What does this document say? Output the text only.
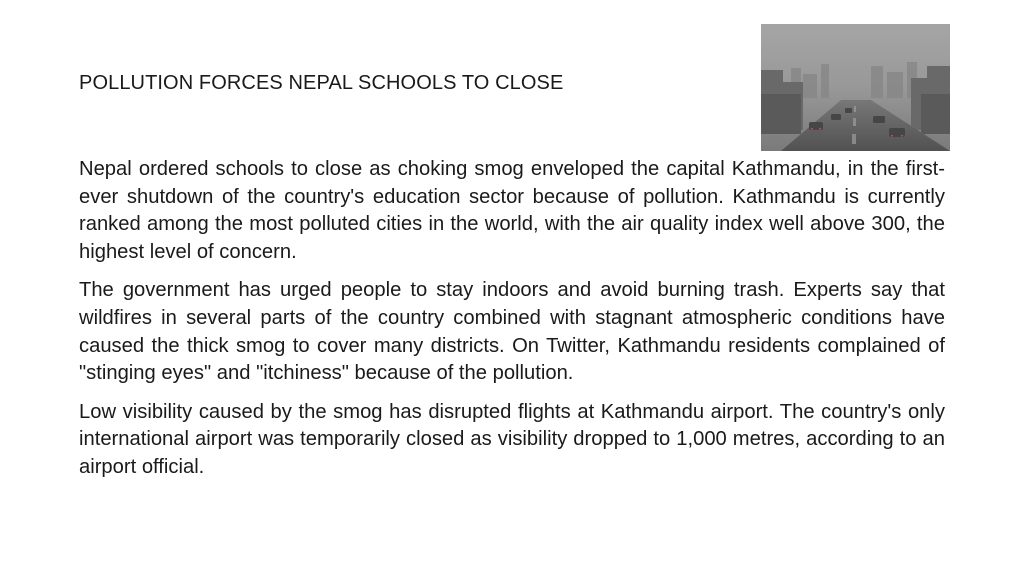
POLLUTION FORCES NEPAL SCHOOLS TO CLOSE

Nepal ordered schools to close as choking smog enveloped the capital Kathmandu, in the first-ever shutdown of the country's education sector because of pollution. Kathmandu is currently ranked among the most polluted cities in the world, with the air quality index well above 300, the highest level of concern.

The government has urged people to stay indoors and avoid burning trash. Experts say that wildfires in several parts of the country combined with stagnant atmospheric conditions have caused the thick smog to cover many districts. On Twitter, Kathmandu residents complained of "stinging eyes" and "itchiness" because of the pollution.

Low visibility caused by the smog has disrupted flights at Kathmandu airport. The country's only international airport was temporarily closed as visibility dropped to 1,000 metres, according to an airport official.
